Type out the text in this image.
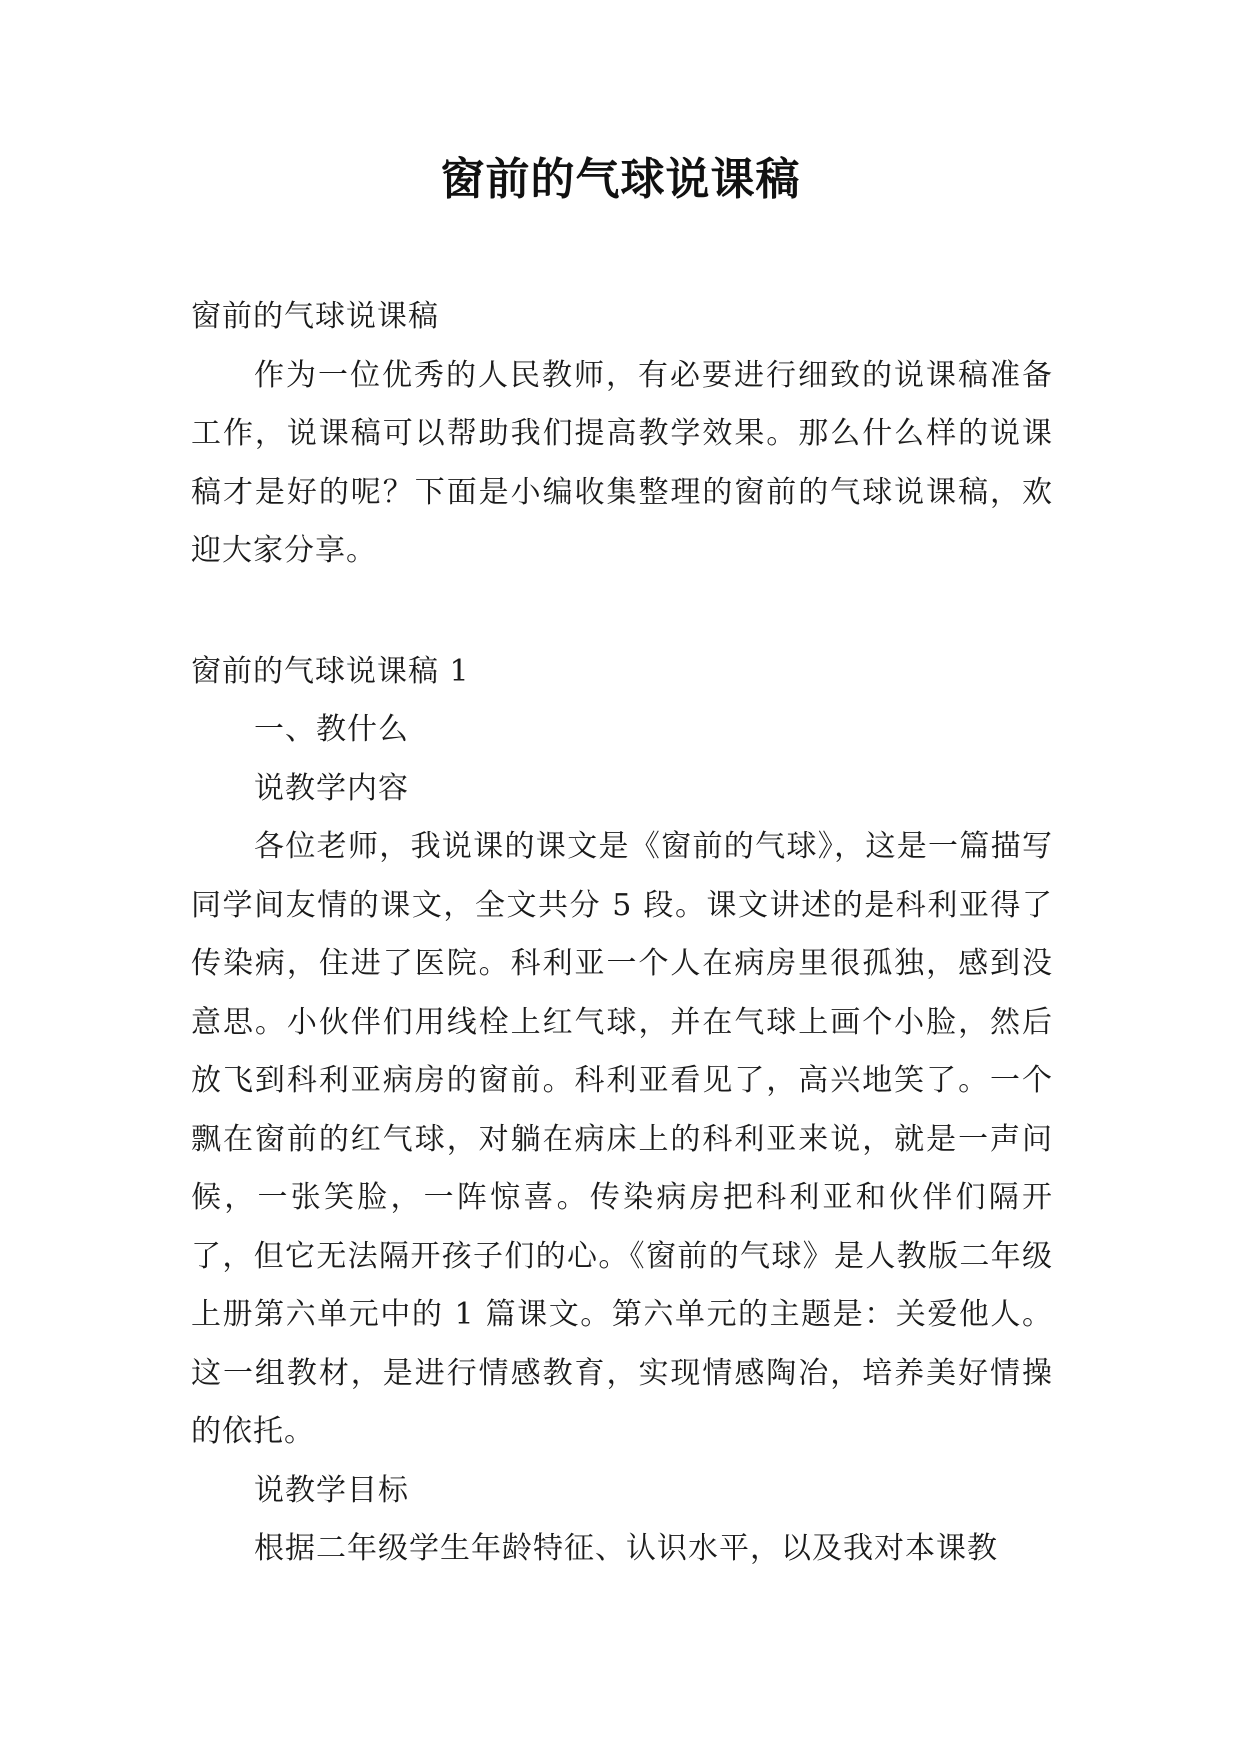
窗前的气球说课稿

窗前的气球说课稿

作为一位优秀的人民教师，有必要进行细致的说课稿准备工作，说课稿可以帮助我们提高教学效果。那么什么样的说课稿才是好的呢？下面是小编收集整理的窗前的气球说课稿，欢迎大家分享。

窗前的气球说课稿 1

一、教什么

说教学内容

各位老师，我说课的课文是《窗前的气球》，这是一篇描写同学间友情的课文，全文共分 5 段。课文讲述的是科利亚得了传染病，住进了医院。科利亚一个人在病房里很孤独，感到没意思。小伙伴们用线栓上红气球，并在气球上画个小脸，然后放飞到科利亚病房的窗前。科利亚看见了，高兴地笑了。一个飘在窗前的红气球，对躺在病床上的科利亚来说，就是一声问候，一张笑脸，一阵惊喜。传染病房把科利亚和伙伴们隔开了，但它无法隔开孩子们的心。《窗前的气球》是人教版二年级上册第六单元中的 1 篇课文。第六单元的主题是：关爱他人。这一组教材，是进行情感教育，实现情感陶冶，培养美好情操的依托。

说教学目标

根据二年级学生年龄特征、认识水平，以及我对本课教
